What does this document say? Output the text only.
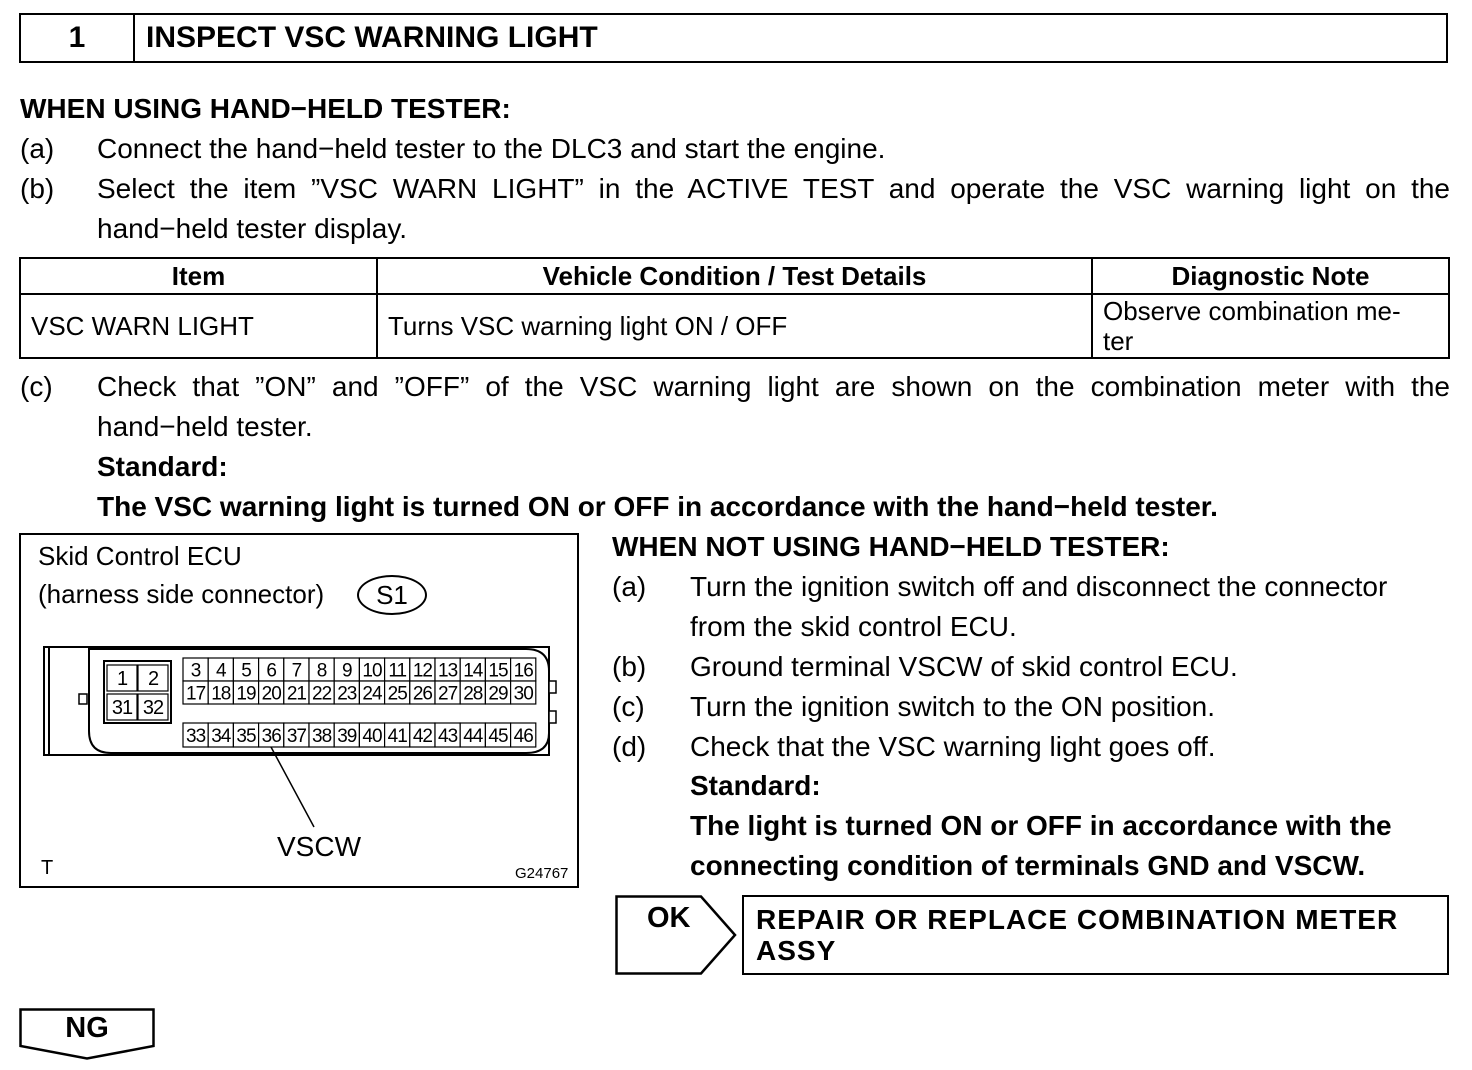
1	INSPECT VSC WARNING LIGHT
WHEN USING HAND−HELD TESTER:
(a) Connect the hand−held tester to the DLC3 and start the engine.
(b) Select the item ”VSC WARN LIGHT” in the ACTIVE TEST and operate the VSC warning light on the
hand−held tester display.
Item	Vehicle Condition / Test Details	Diagnostic Note
VSC WARN LIGHT	Turns VSC warning light ON / OFF	Observe combination me-
ter
(c) Check that ”ON” and ”OFF” of the VSC warning light are shown on the combination meter with the
hand−held tester.
Standard:
The VSC warning light is turned ON or OFF in accordance with the hand−held tester.
Skid Control ECU
(harness side connector)	S1
1 2
31 32
3 4 5 6 7 8 9 10 11 12 13 14 15 16
17 18 19 20 21 22 23 24 25 26 27 28 29 30
33 34 35 36 37 38 39 40 41 42 43 44 45 46
VSCW
T	G24767
WHEN NOT USING HAND−HELD TESTER:
(a) Turn the ignition switch off and disconnect the connector
from the skid control ECU.
(b) Ground terminal VSCW of skid control ECU.
(c) Turn the ignition switch to the ON position.
(d) Check that the VSC warning light goes off.
Standard:
The light is turned ON or OFF in accordance with the
connecting condition of terminals GND and VSCW.
OK	REPAIR OR REPLACE COMBINATION METER ASSY
NG
